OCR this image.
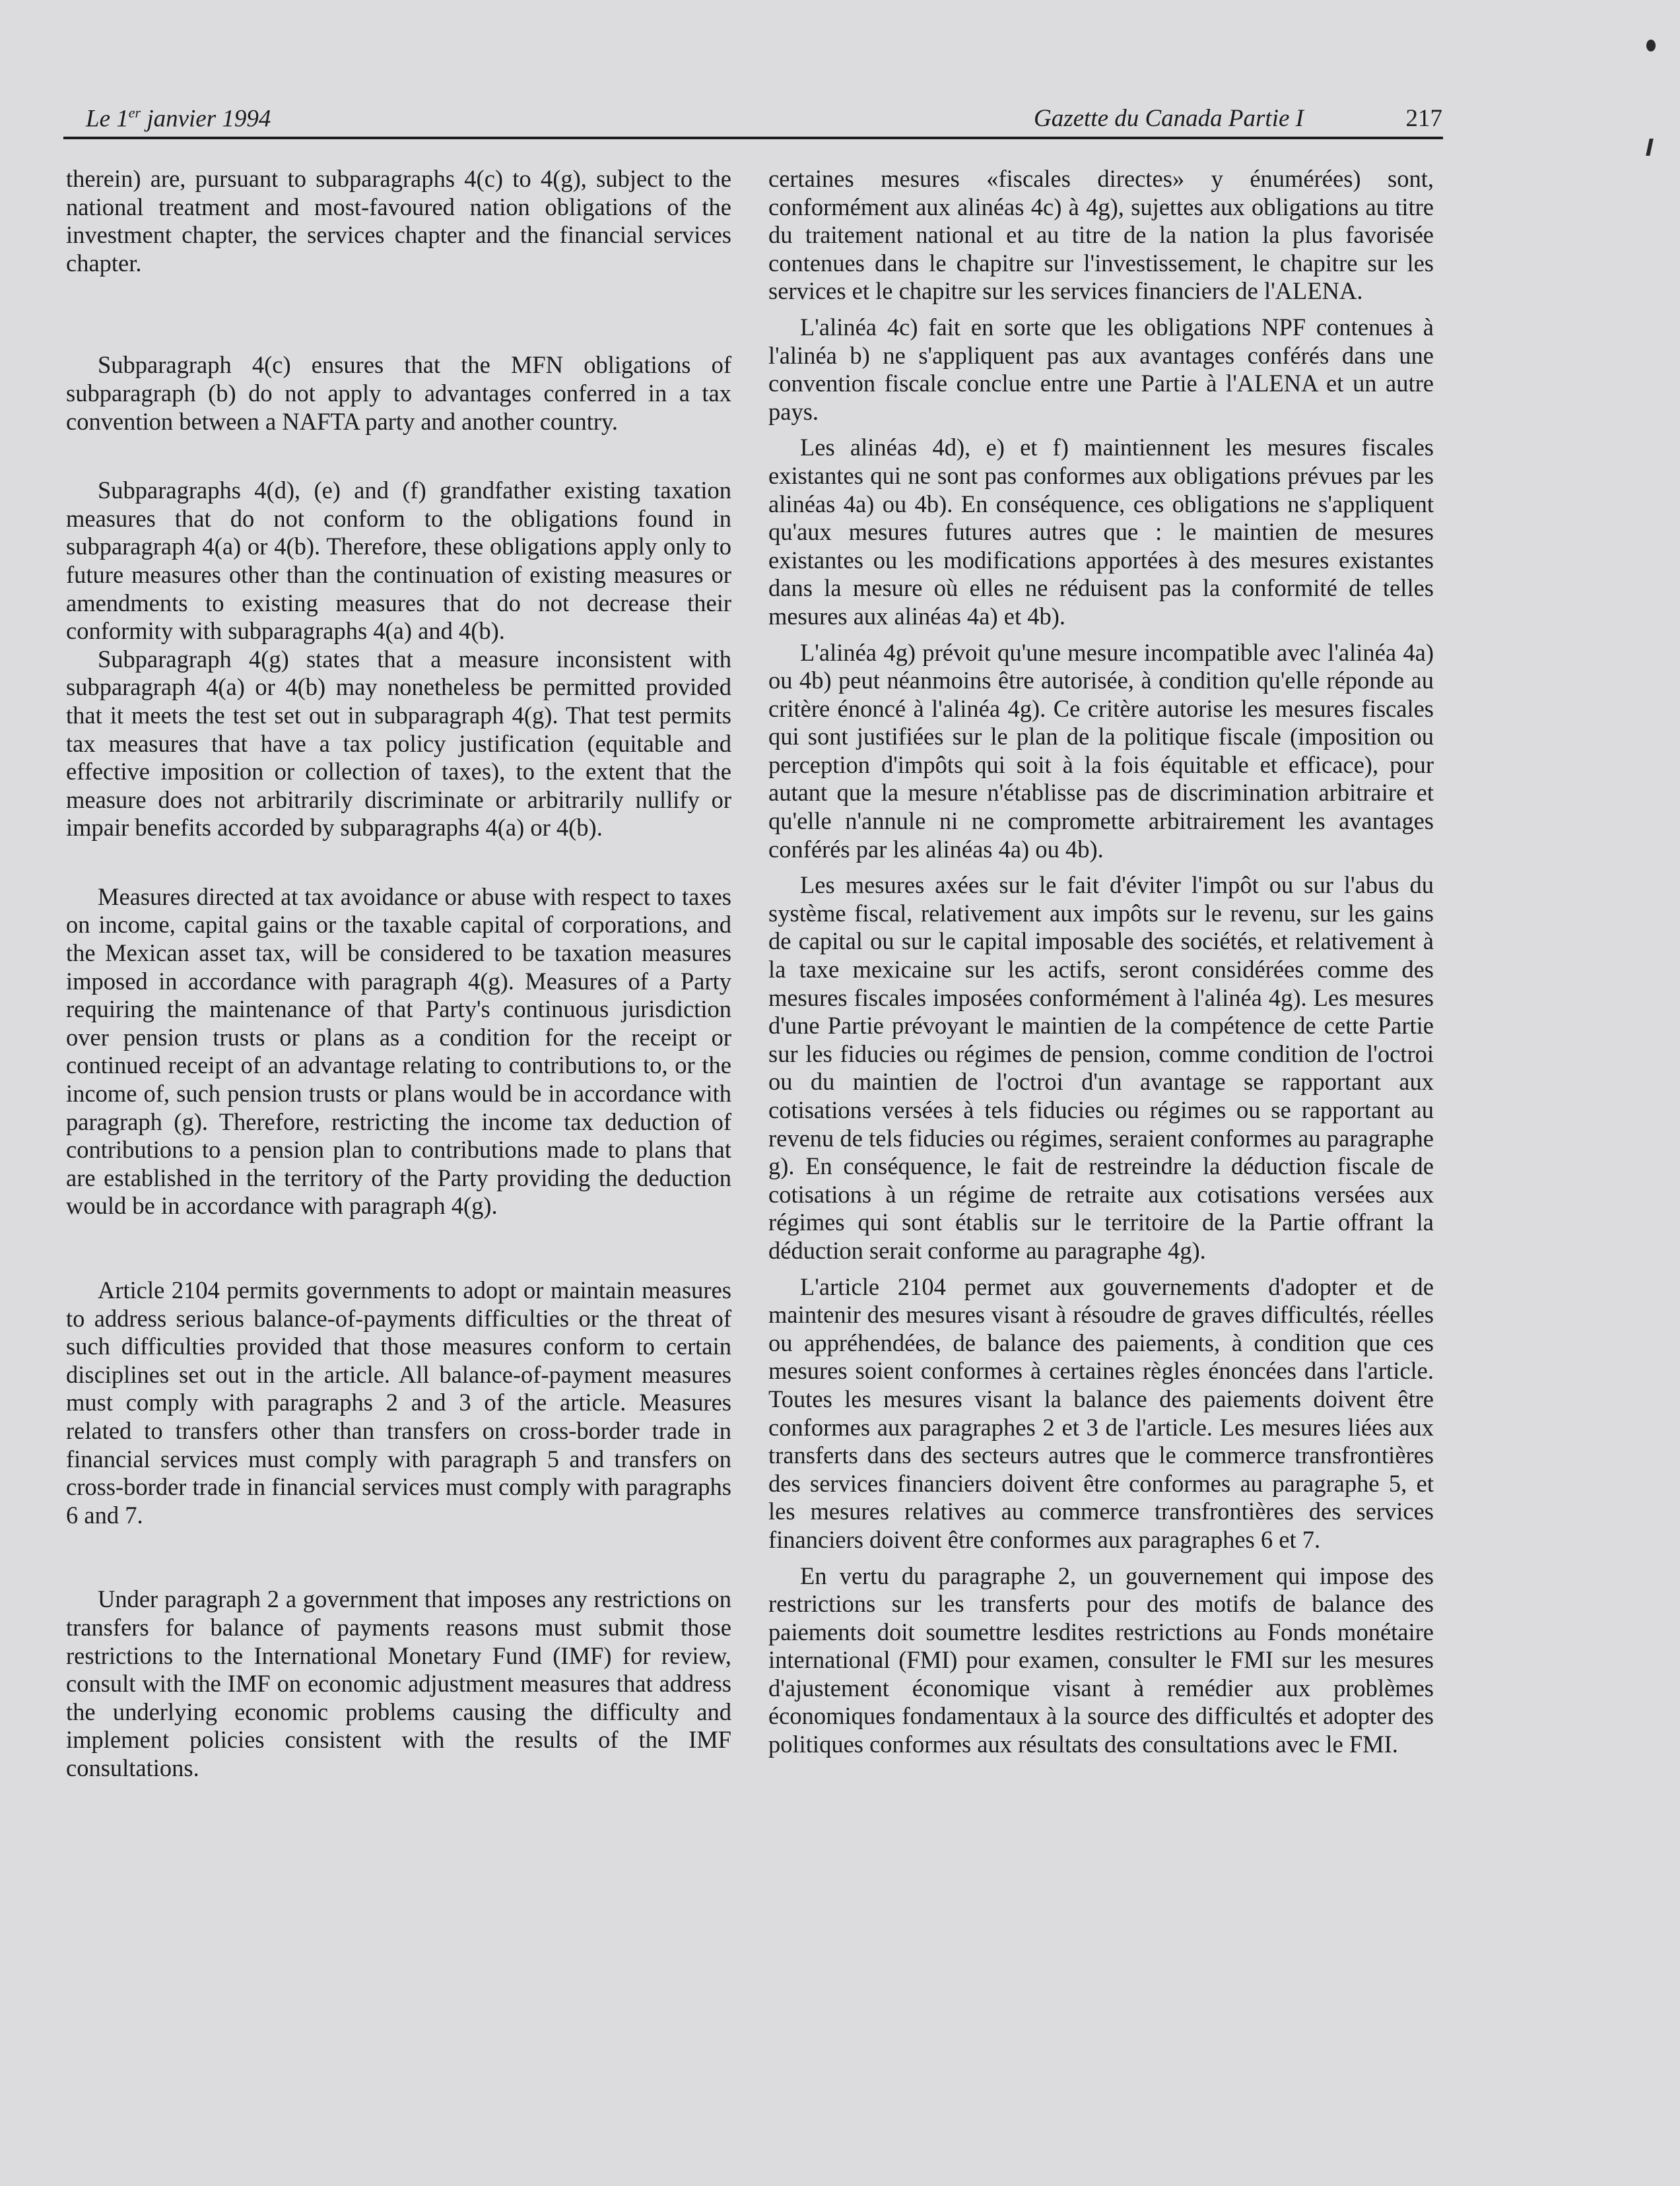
Le 1er janvier 1994	Gazette du Canada Partie I	217

therein) are, pursuant to subparagraphs 4(c) to 4(g), subject to the national treatment and most-favoured nation obligations of the investment chapter, the services chapter and the financial services chapter.

Subparagraph 4(c) ensures that the MFN obligations of subparagraph (b) do not apply to advantages conferred in a tax convention between a NAFTA party and another country.

Subparagraphs 4(d), (e) and (f) grandfather existing taxation measures that do not conform to the obligations found in subparagraph 4(a) or 4(b). Therefore, these obligations apply only to future measures other than the continuation of existing measures or amendments to existing measures that do not decrease their conformity with subparagraphs 4(a) and 4(b).

Subparagraph 4(g) states that a measure inconsistent with subparagraph 4(a) or 4(b) may nonetheless be permitted provided that it meets the test set out in subparagraph 4(g). That test permits tax measures that have a tax policy justification (equitable and effective imposition or collection of taxes), to the extent that the measure does not arbitrarily discriminate or arbitrarily nullify or impair benefits accorded by subparagraphs 4(a) or 4(b).

Measures directed at tax avoidance or abuse with respect to taxes on income, capital gains or the taxable capital of corporations, and the Mexican asset tax, will be considered to be taxation measures imposed in accordance with paragraph 4(g). Measures of a Party requiring the maintenance of that Party's continuous jurisdiction over pension trusts or plans as a condition for the receipt or continued receipt of an advantage relating to contributions to, or the income of, such pension trusts or plans would be in accordance with paragraph (g). Therefore, restricting the income tax deduction of contributions to a pension plan to contributions made to plans that are established in the territory of the Party providing the deduction would be in accordance with paragraph 4(g).

Article 2104 permits governments to adopt or maintain measures to address serious balance-of-payments difficulties or the threat of such difficulties provided that those measures conform to certain disciplines set out in the article. All balance-of-payment measures must comply with paragraphs 2 and 3 of the article. Measures related to transfers other than transfers on cross-border trade in financial services must comply with paragraph 5 and transfers on cross-border trade in financial services must comply with paragraphs 6 and 7.

Under paragraph 2 a government that imposes any restrictions on transfers for balance of payments reasons must submit those restrictions to the International Monetary Fund (IMF) for review, consult with the IMF on economic adjustment measures that address the underlying economic problems causing the difficulty and implement policies consistent with the results of the IMF consultations.

certaines mesures «fiscales directes» y énumérées) sont, conformément aux alinéas 4c) à 4g), sujettes aux obligations au titre du traitement national et au titre de la nation la plus favorisée contenues dans le chapitre sur l'investissement, le chapitre sur les services et le chapitre sur les services financiers de l'ALENA.

L'alinéa 4c) fait en sorte que les obligations NPF contenues à l'alinéa b) ne s'appliquent pas aux avantages conférés dans une convention fiscale conclue entre une Partie à l'ALENA et un autre pays.

Les alinéas 4d), e) et f) maintiennent les mesures fiscales existantes qui ne sont pas conformes aux obligations prévues par les alinéas 4a) ou 4b). En conséquence, ces obligations ne s'appliquent qu'aux mesures futures autres que : le maintien de mesures existantes ou les modifications apportées à des mesures existantes dans la mesure où elles ne réduisent pas la conformité de telles mesures aux alinéas 4a) et 4b).

L'alinéa 4g) prévoit qu'une mesure incompatible avec l'alinéa 4a) ou 4b) peut néanmoins être autorisée, à condition qu'elle réponde au critère énoncé à l'alinéa 4g). Ce critère autorise les mesures fiscales qui sont justifiées sur le plan de la politique fiscale (imposition ou perception d'impôts qui soit à la fois équitable et efficace), pour autant que la mesure n'établisse pas de discrimination arbitraire et qu'elle n'annule ni ne compromette arbitrairement les avantages conférés par les alinéas 4a) ou 4b).

Les mesures axées sur le fait d'éviter l'impôt ou sur l'abus du système fiscal, relativement aux impôts sur le revenu, sur les gains de capital ou sur le capital imposable des sociétés, et relativement à la taxe mexicaine sur les actifs, seront considérées comme des mesures fiscales imposées conformément à l'alinéa 4g). Les mesures d'une Partie prévoyant le maintien de la compétence de cette Partie sur les fiducies ou régimes de pension, comme condition de l'octroi ou du maintien de l'octroi d'un avantage se rapportant aux cotisations versées à tels fiducies ou régimes ou se rapportant au revenu de tels fiducies ou régimes, seraient conformes au paragraphe g). En conséquence, le fait de restreindre la déduction fiscale de cotisations à un régime de retraite aux cotisations versées aux régimes qui sont établis sur le territoire de la Partie offrant la déduction serait conforme au paragraphe 4g).

L'article 2104 permet aux gouvernements d'adopter et de maintenir des mesures visant à résoudre de graves difficultés, réelles ou appréhendées, de balance des paiements, à condition que ces mesures soient conformes à certaines règles énoncées dans l'article. Toutes les mesures visant la balance des paiements doivent être conformes aux paragraphes 2 et 3 de l'article. Les mesures liées aux transferts dans des secteurs autres que le commerce transfrontières des services financiers doivent être conformes au paragraphe 5, et les mesures relatives au commerce transfrontières des services financiers doivent être conformes aux paragraphes 6 et 7.

En vertu du paragraphe 2, un gouvernement qui impose des restrictions sur les transferts pour des motifs de balance des paiements doit soumettre lesdites restrictions au Fonds monétaire international (FMI) pour examen, consulter le FMI sur les mesures d'ajustement économique visant à remédier aux problèmes économiques fondamentaux à la source des difficultés et adopter des politiques conformes aux résultats des consultations avec le FMI.
